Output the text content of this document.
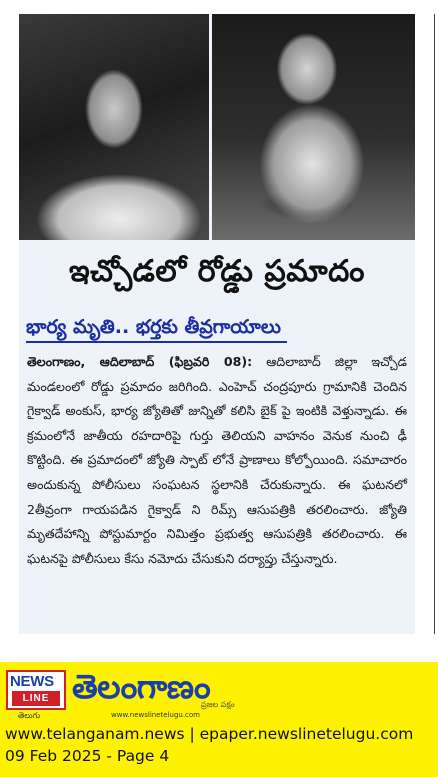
ఇచ్చోడలో రోడ్డు ప్రమాదం
భార్య మృతి.. భర్తకు తీవ్రగాయాలు
తెలంగాణం, ఆదిలాబాద్ (ఫిబ్రవరి 08): ఆదిలాబాద్ జిల్లా ఇచ్చోడ మండలంలో రోడ్డు ప్రమాదం జరిగింది. ఎంహెచ్ చంద్రపూరు గ్రామానికి చెందిన గైక్వాడ్ అంకుస్, భార్య జ్యోతితో జున్నితో కలిసి బైక్ పై ఇంటికి వెళ్తున్నాడు. ఈ క్రమంలోనే జాతీయ రహదారిపై గుర్తు తెలియని వాహనం వెనుక నుంచి ఢీ కొట్టింది. ఈ ప్రమాదంలో జ్యోతి స్పాట్ లోనే ప్రాణాలు కోల్పోయింది. సమాచారం అందుకున్న పోలీసులు సంఘటన స్థలానికి చేరుకున్నారు. ఈ ఘటనలో 2తీవ్రంగా గాయపడిన గైక్వాడ్ ని రిమ్స్ ఆసుపత్రికి తరలించారు. జ్యోతి మృతదేహాన్ని పోస్టుమార్టం నిమిత్తం ప్రభుత్వ ఆసుపత్రికి తరలించారు. ఈ ఘటనపై పోలీసులు కేసు నమోదు చేసుకుని దర్యాప్తు చేస్తున్నారు.
NEWS
LINE
తెలుగు
తెలంగాణం
ప్రజల పక్షం
www.newslinetelugu.com
www.telanganam.news | epaper.newslinetelugu.com
09 Feb 2025 - Page 4
